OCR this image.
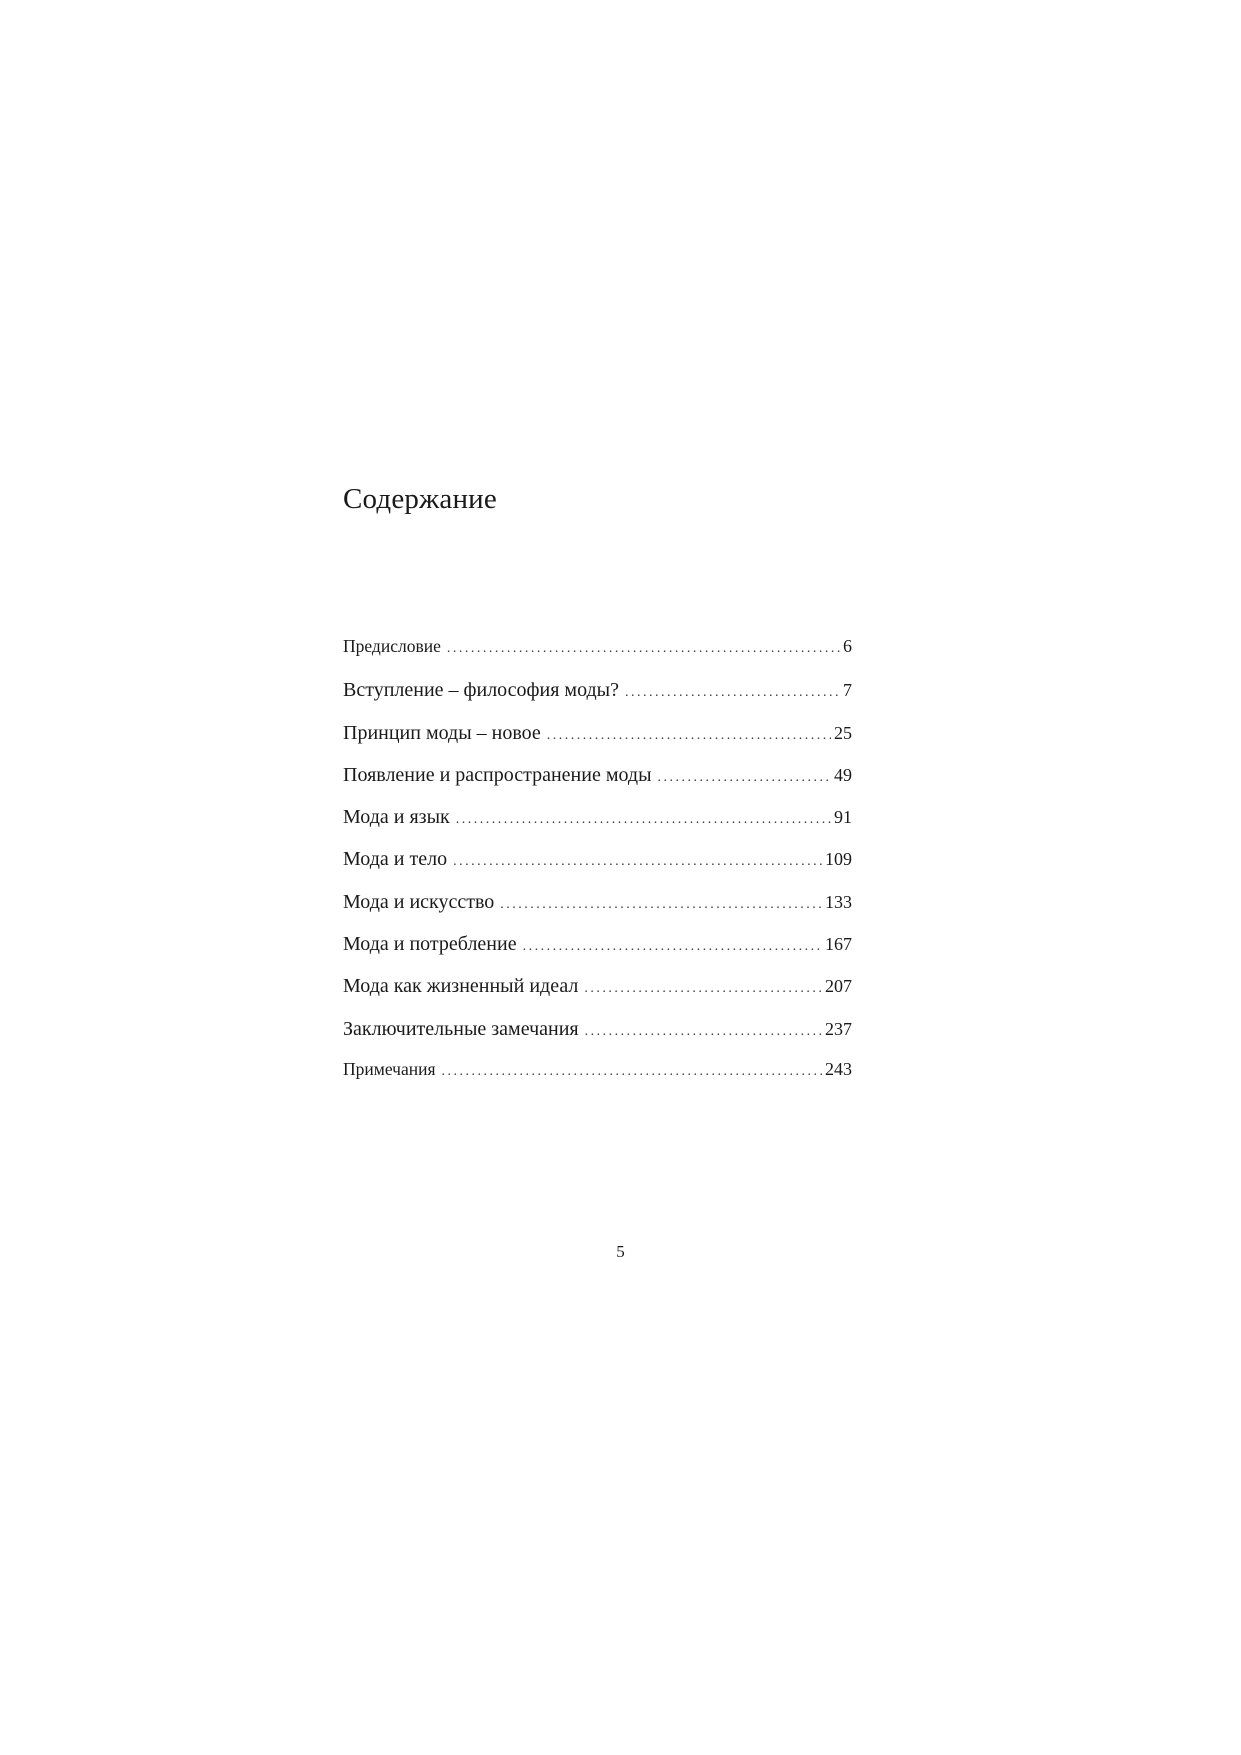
Содержание
Предисловие . . .	6
Вступление – философия моды? . . .	7
Принцип моды – новое . . .	25
Появление и распространение моды . . .	49
Мода и язык . . .	91
Мода и тело . . .	109
Мода и искусство . . .	133
Мода и потребление . . .	167
Мода как жизненный идеал . . .	207
Заключительные замечания . . .	237
Примечания . . .	243
5
